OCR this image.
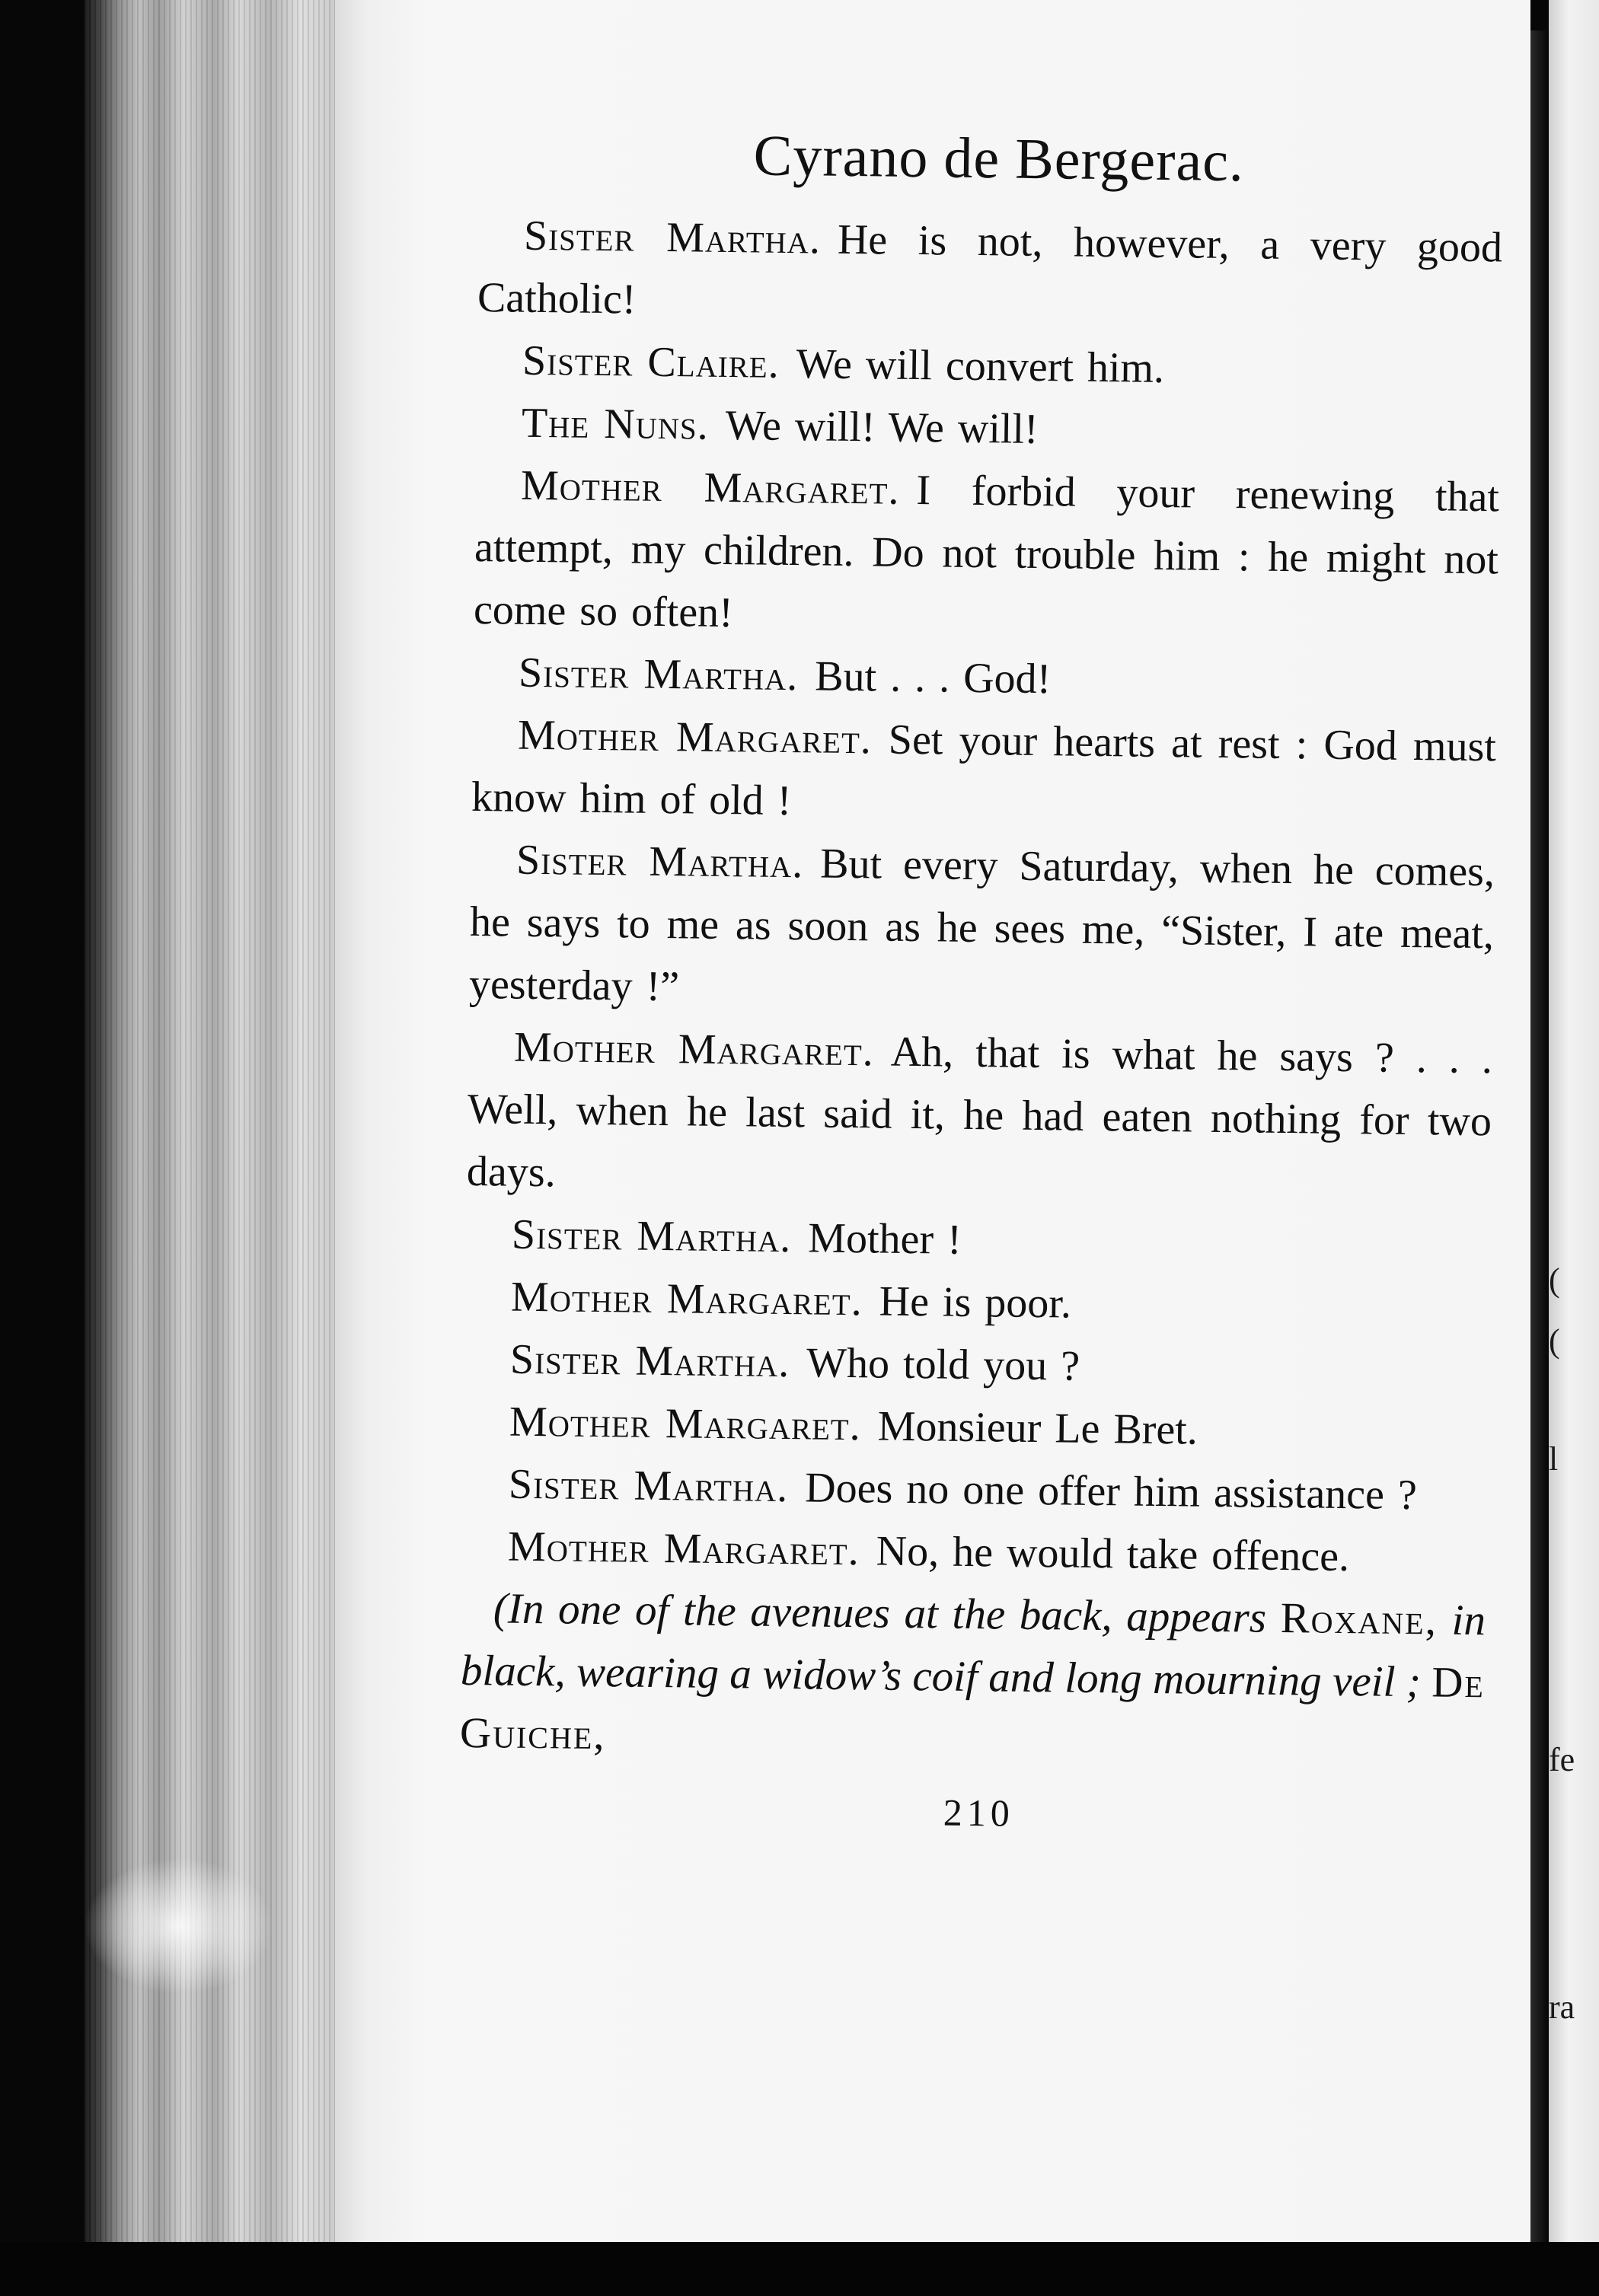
(
(
l
fe
ra
Cyrano de Bergerac.

Sister Martha. He is not, however, a very good Catholic!

Sister Claire. We will convert him.

The Nuns. We will! We will!

Mother Margaret. I forbid your renewing that attempt, my children. Do not trouble him : he might not come so often!

Sister Martha. But . . . God!

Mother Margaret. Set your hearts at rest : God must know him of old !

Sister Martha. But every Saturday, when he comes, he says to me as soon as he sees me, “Sister, I ate meat, yesterday !”

Mother Margaret. Ah, that is what he says ? . . . Well, when he last said it, he had eaten nothing for two days.

Sister Martha. Mother !

Mother Margaret. He is poor.

Sister Martha. Who told you ?

Mother Margaret. Monsieur Le Bret.

Sister Martha. Does no one offer him assistance ?

Mother Margaret. No, he would take offence.

(In one of the avenues at the back, appears Roxane, in black, wearing a widow’s coif and long mourning veil ; De Guiche,

210
